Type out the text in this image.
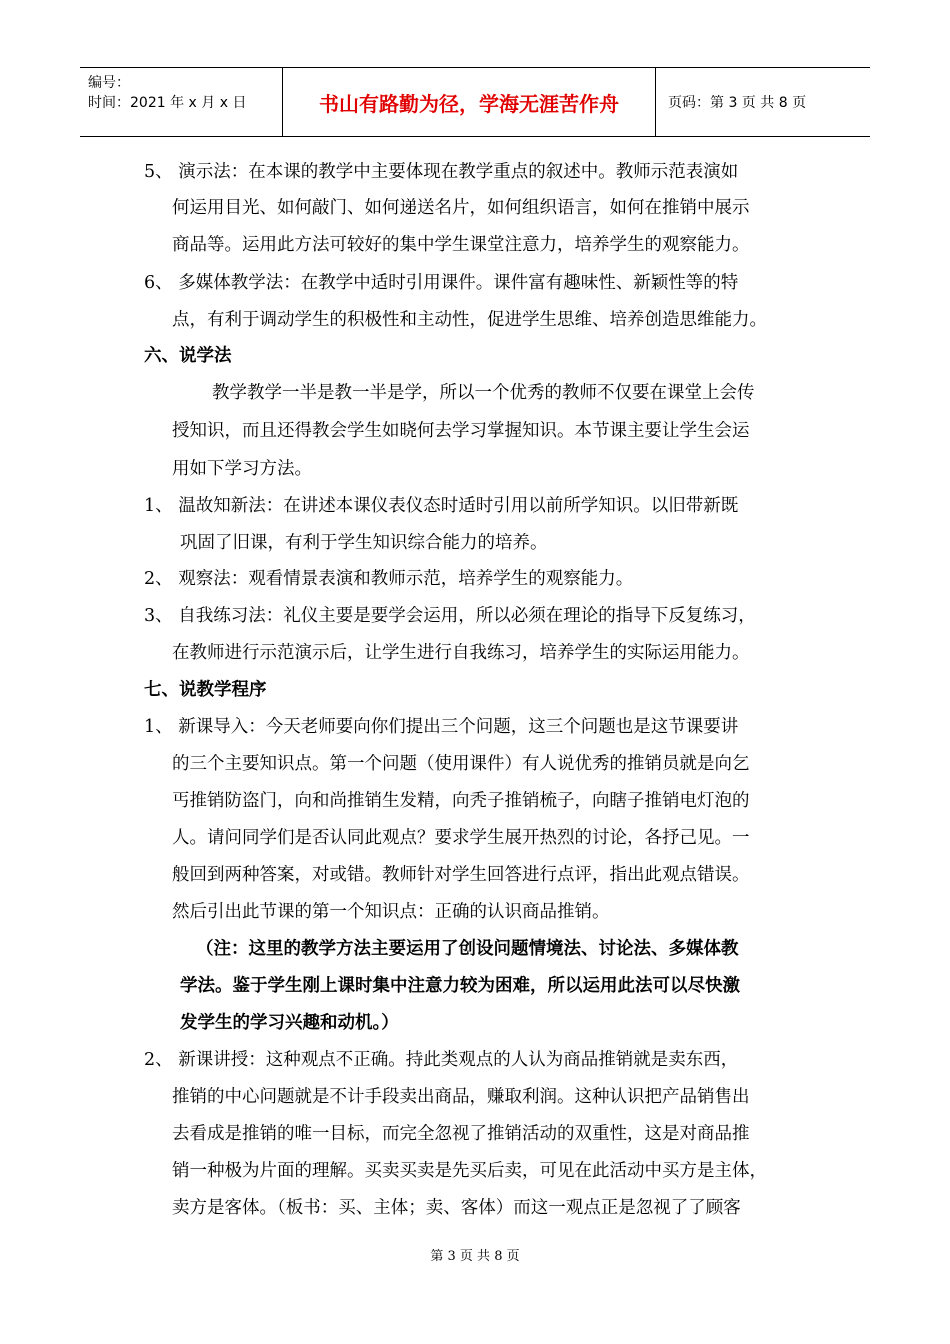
编号：
时间：2021 年 x 月 x 日	书山有路勤为径，学海无涯苦作舟	页码：第 3 页 共 8 页
5、 演示法：在本课的教学中主要体现在教学重点的叙述中。教师示范表演如
何运用目光、如何敲门、如何递送名片，如何组织语言，如何在推销中展示
商品等。运用此方法可较好的集中学生课堂注意力，培养学生的观察能力。
6、 多媒体教学法：在教学中适时引用课件。课件富有趣味性、新颖性等的特
点，有利于调动学生的积极性和主动性，促进学生思维、培养创造思维能力。
六、说学法
教学教学一半是教一半是学，所以一个优秀的教师不仅要在课堂上会传
授知识，而且还得教会学生如晓何去学习掌握知识。本节课主要让学生会运
用如下学习方法。
1、 温故知新法：在讲述本课仪表仪态时适时引用以前所学知识。以旧带新既
巩固了旧课，有利于学生知识综合能力的培养。
2、 观察法：观看情景表演和教师示范，培养学生的观察能力。
3、 自我练习法：礼仪主要是要学会运用，所以必须在理论的指导下反复练习，
在教师进行示范演示后，让学生进行自我练习，培养学生的实际运用能力。
七、说教学程序
1、 新课导入：今天老师要向你们提出三个问题，这三个问题也是这节课要讲
的三个主要知识点。第一个问题（使用课件）有人说优秀的推销员就是向乞
丐推销防盗门，向和尚推销生发精，向秃子推销梳子，向瞎子推销电灯泡的
人。请问同学们是否认同此观点？要求学生展开热烈的讨论，各抒己见。一
般回到两种答案，对或错。教师针对学生回答进行点评，指出此观点错误。
然后引出此节课的第一个知识点：正确的认识商品推销。
（注：这里的教学方法主要运用了创设问题情境法、讨论法、多媒体教
学法。鉴于学生刚上课时集中注意力较为困难，所以运用此法可以尽快激
发学生的学习兴趣和动机。）
2、 新课讲授：这种观点不正确。持此类观点的人认为商品推销就是卖东西，
推销的中心问题就是不计手段卖出商品，赚取利润。这种认识把产品销售出
去看成是推销的唯一目标，而完全忽视了推销活动的双重性，这是对商品推
销一种极为片面的理解。买卖买卖是先买后卖，可见在此活动中买方是主体，
卖方是客体。（板书：买、主体；卖、客体）而这一观点正是忽视了了顾客
第 3 页 共 8 页
